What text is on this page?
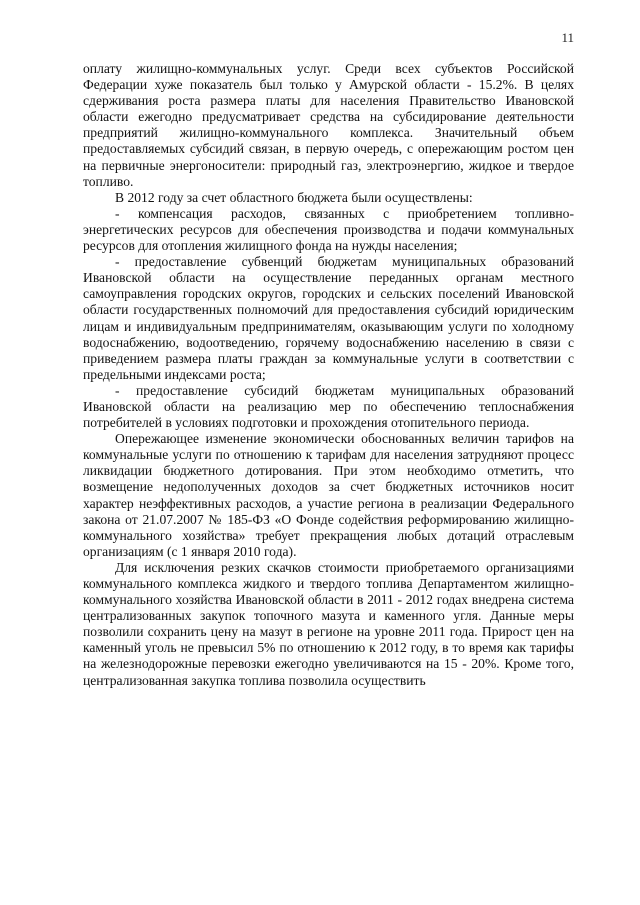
11

оплату жилищно-коммунальных услуг. Среди всех субъектов Российской Федерации хуже показатель был только у Амурской области - 15.2%. В целях сдерживания роста размера платы для населения Правительство Ивановской области ежегодно предусматривает средства на субсидирование деятельности предприятий жилищно-коммунального комплекса. Значительный объем предоставляемых субсидий связан, в первую очередь, с опережающим ростом цен на первичные энергоносители: природный газ, электроэнергию, жидкое и твердое топливо.

В 2012 году за счет областного бюджета были осуществлены:

- компенсация расходов, связанных с приобретением топливно-энергетических ресурсов для обеспечения производства и подачи коммунальных ресурсов для отопления жилищного фонда на нужды населения;

- предоставление субвенций бюджетам муниципальных образований Ивановской области на осуществление переданных органам местного самоуправления городских округов, городских и сельских поселений Ивановской области государственных полномочий для предоставления субсидий юридическим лицам и индивидуальным предпринимателям, оказывающим услуги по холодному водоснабжению, водоотведению, горячему водоснабжению населению в связи с приведением размера платы граждан за коммунальные услуги в соответствии с предельными индексами роста;

- предоставление субсидий бюджетам муниципальных образований Ивановской области на реализацию мер по обеспечению теплоснабжения потребителей в условиях подготовки и прохождения отопительного периода.

Опережающее изменение экономически обоснованных величин тарифов на коммунальные услуги по отношению к тарифам для населения затрудняют процесс ликвидации бюджетного дотирования. При этом необходимо отметить, что возмещение недополученных доходов за счет бюджетных источников носит характер неэффективных расходов, а участие региона в реализации Федерального закона от 21.07.2007 № 185-ФЗ «О Фонде содействия реформированию жилищно-коммунального хозяйства» требует прекращения любых дотаций отраслевым организациям (с 1 января 2010 года).

Для исключения резких скачков стоимости приобретаемого организациями коммунального комплекса жидкого и твердого топлива Департаментом жилищно-коммунального хозяйства Ивановской области в 2011 - 2012 годах внедрена система централизованных закупок топочного мазута и каменного угля. Данные меры позволили сохранить цену на мазут в регионе на уровне 2011 года. Прирост цен на каменный уголь не превысил 5% по отношению к 2012 году, в то время как тарифы на железнодорожные перевозки ежегодно увеличиваются на 15 - 20%. Кроме того, централизованная закупка топлива позволила осуществить
